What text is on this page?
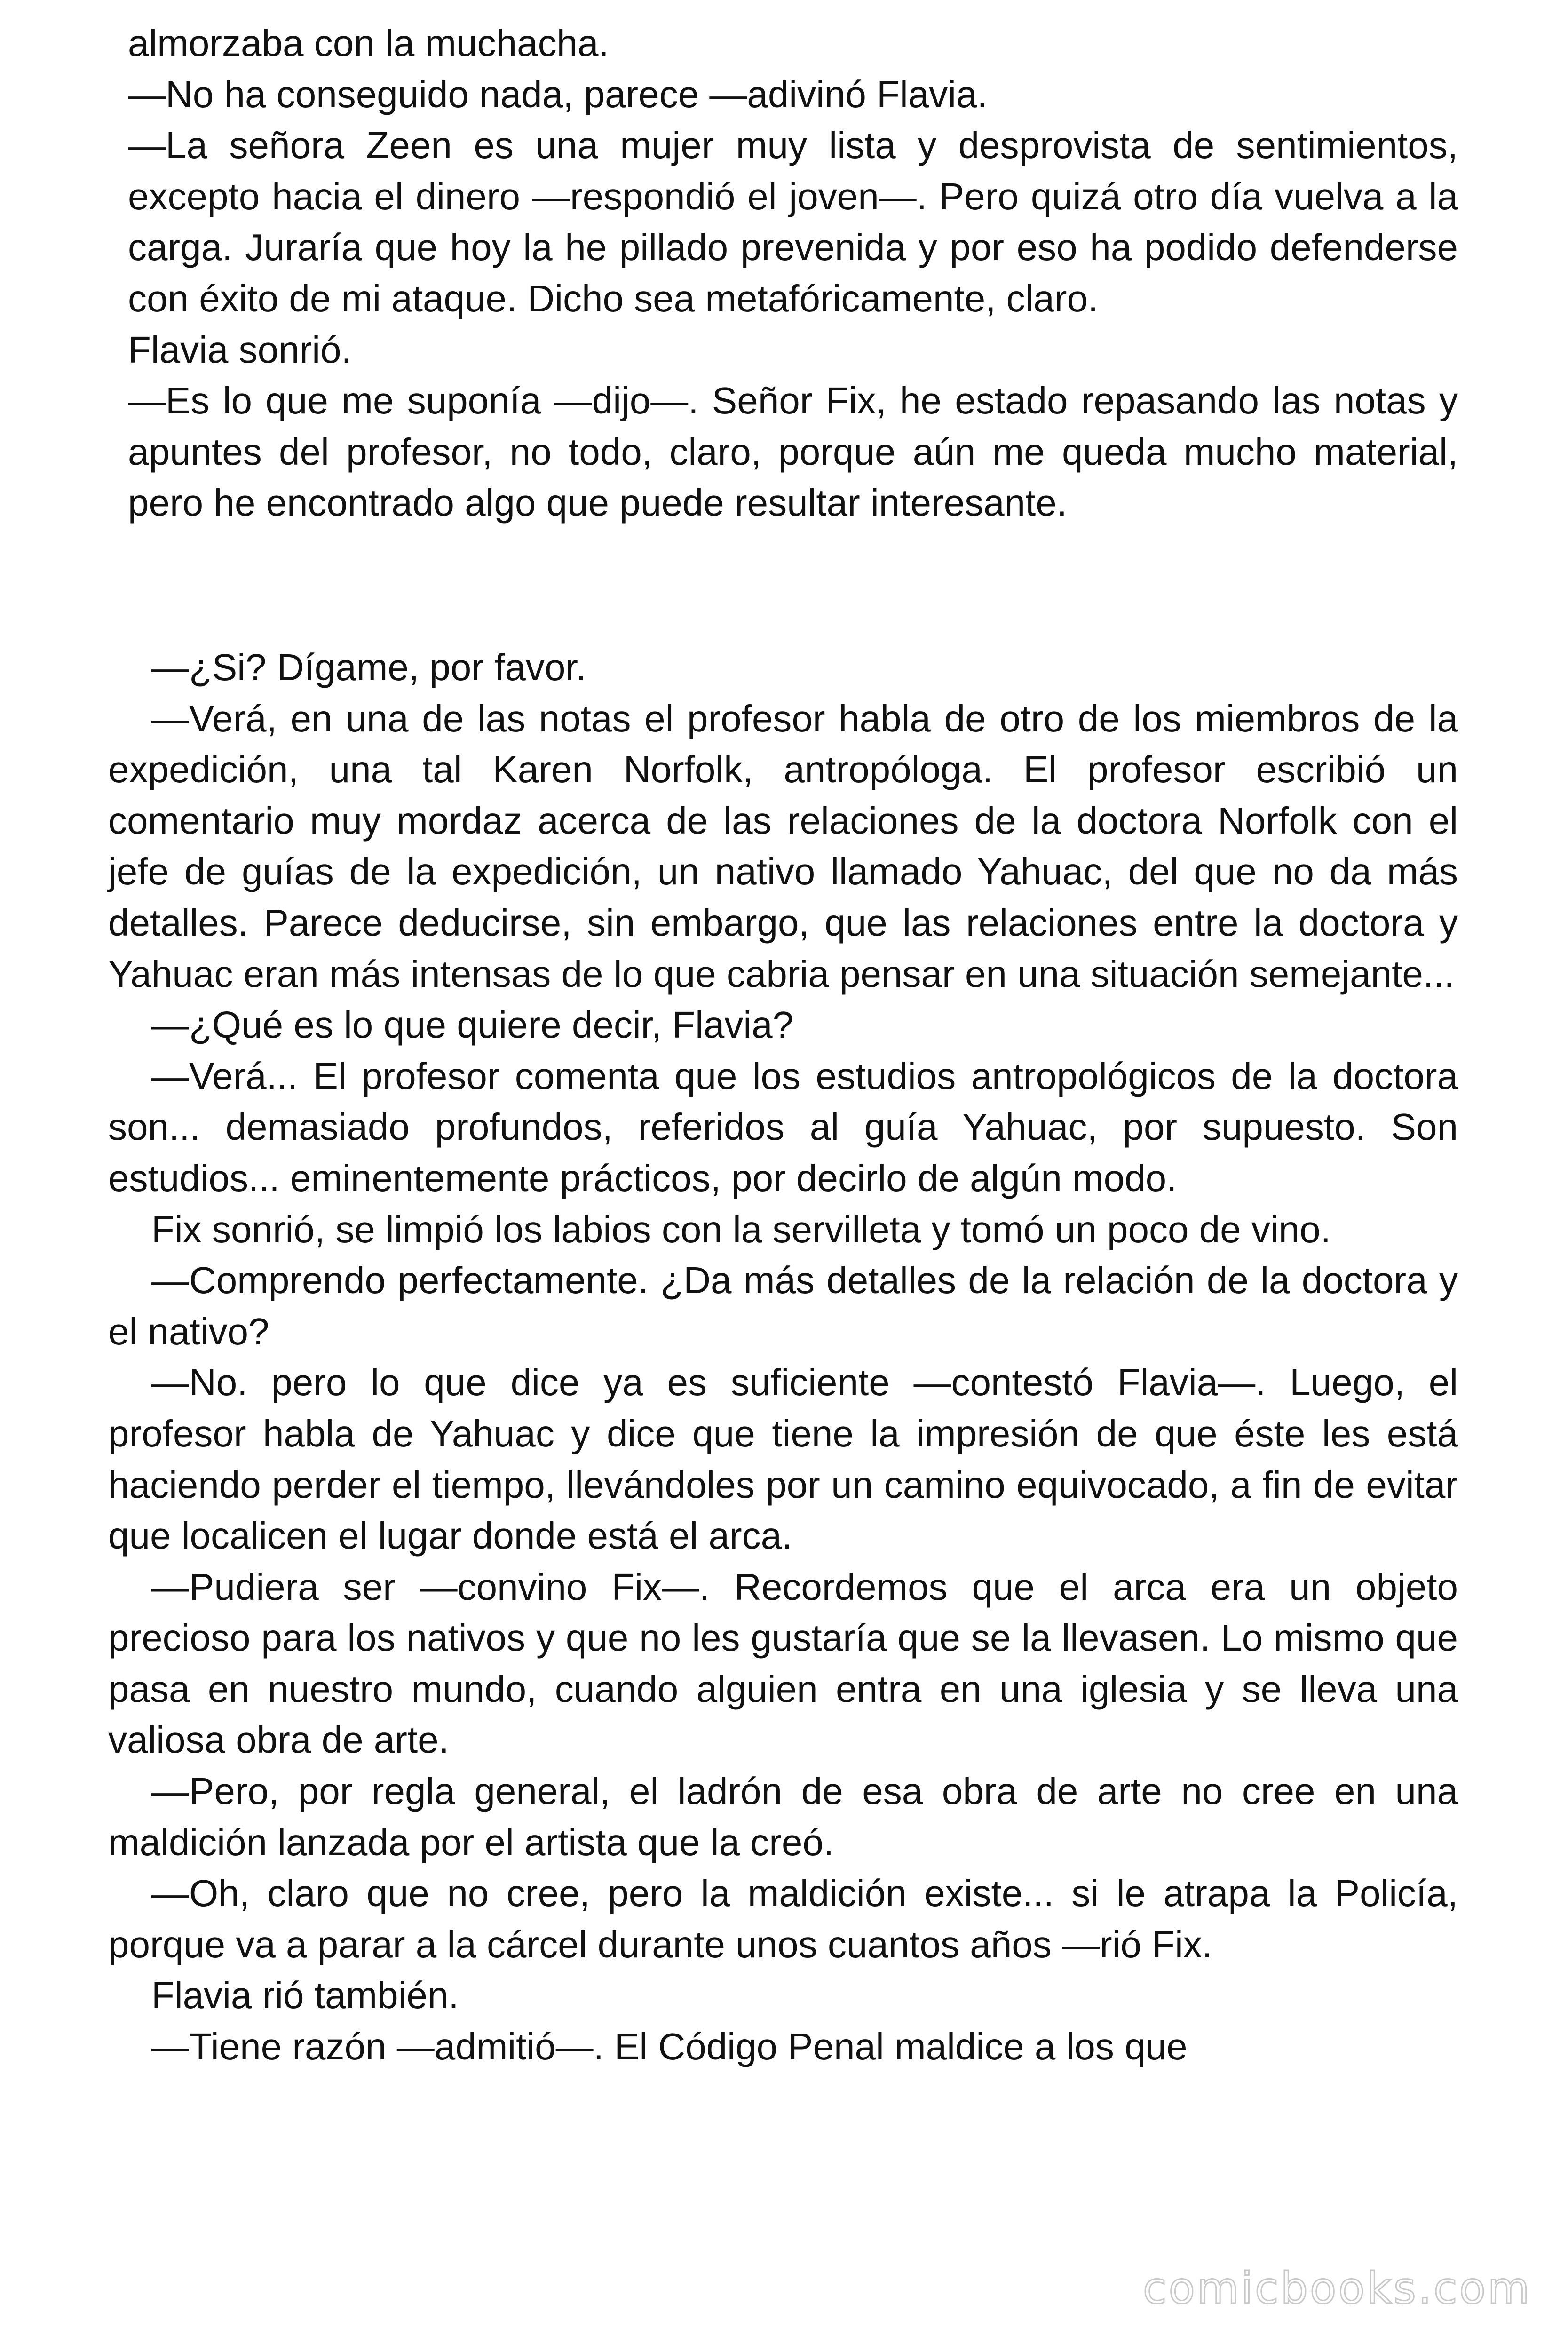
almorzaba con la muchacha.

—No ha conseguido nada, parece —adivinó Flavia.

—La señora Zeen es una mujer muy lista y desprovista de sentimientos, excepto hacia el dinero —respondió el joven—. Pero quizá otro día vuelva a la carga. Juraría que hoy la he pillado prevenida y por eso ha podido defenderse con éxito de mi ataque. Dicho sea metafóricamente, claro.

Flavia sonrió.

—Es lo que me suponía —dijo—. Señor Fix, he estado repasando las notas y apuntes del profesor, no todo, claro, porque aún me queda mucho material, pero he encontrado algo que puede resultar interesante.

—¿Si? Dígame, por favor.

—Verá, en una de las notas el profesor habla de otro de los miembros de la expedición, una tal Karen Norfolk, antropóloga. El profesor escribió un comentario muy mordaz acerca de las relaciones de la doctora Norfolk con el jefe de guías de la expedición, un nativo llamado Yahuac, del que no da más detalles. Parece deducirse, sin embargo, que las relaciones entre la doctora y Yahuac eran más intensas de lo que cabria pensar en una situación semejante...

—¿Qué es lo que quiere decir, Flavia?

—Verá... El profesor comenta que los estudios antropológicos de la doctora son... demasiado profundos, referidos al guía Yahuac, por supuesto. Son estudios... eminentemente prácticos, por decirlo de algún modo.

Fix sonrió, se limpió los labios con la servilleta y tomó un poco de vino.

—Comprendo perfectamente. ¿Da más detalles de la relación de la doctora y el nativo?

—No. pero lo que dice ya es suficiente —contestó Flavia—. Luego, el profesor habla de Yahuac y dice que tiene la impresión de que éste les está haciendo perder el tiempo, llevándoles por un camino equivocado, a fin de evitar que localicen el lugar donde está el arca.

—Pudiera ser —convino Fix—. Recordemos que el arca era un objeto precioso para los nativos y que no les gustaría que se la llevasen. Lo mismo que pasa en nuestro mundo, cuando alguien entra en una iglesia y se lleva una valiosa obra de arte.

—Pero, por regla general, el ladrón de esa obra de arte no cree en una maldición lanzada por el artista que la creó.

—Oh, claro que no cree, pero la maldición existe... si le atrapa la Policía, porque va a parar a la cárcel durante unos cuantos años —rió Fix.

Flavia rió también.

—Tiene razón —admitió—. El Código Penal maldice a los que

comicbooks.com
